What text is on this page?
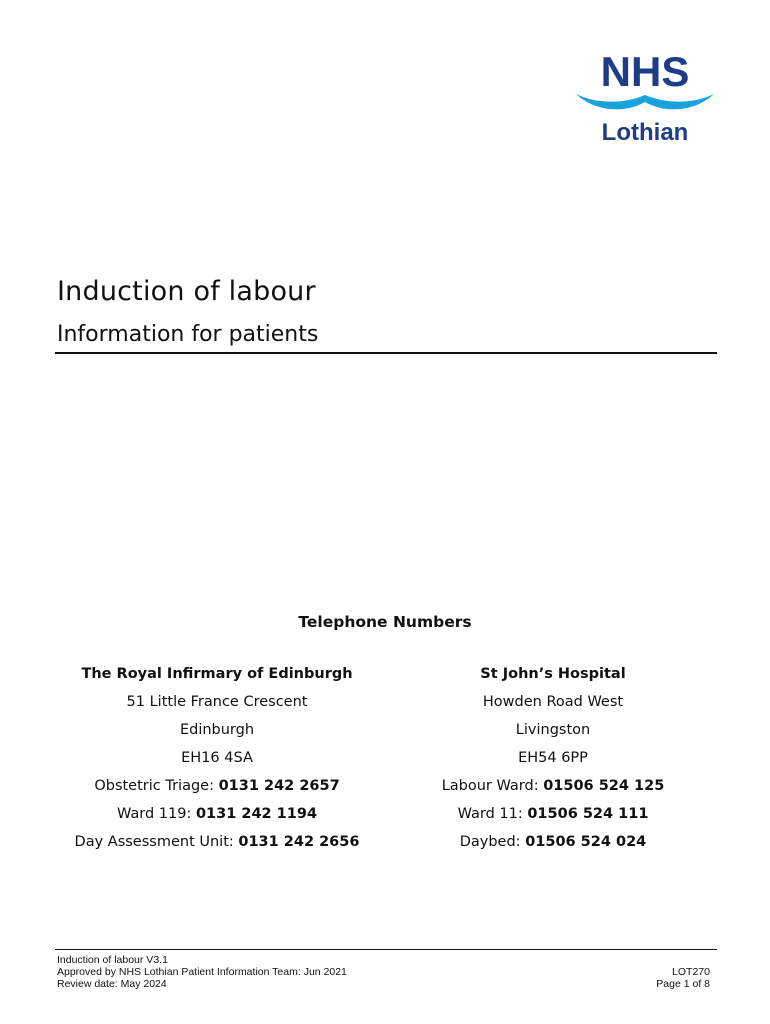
NHS
Lothian
Induction of labour
Information for patients
Telephone Numbers
The Royal Infirmary of Edinburgh
51 Little France Crescent
Edinburgh
EH16 4SA
Obstetric Triage: 0131 242 2657
Ward 119: 0131 242 1194
Day Assessment Unit: 0131 242 2656
St John’s Hospital
Howden Road West
Livingston
EH54 6PP
Labour Ward: 01506 524 125
Ward 11: 01506 524 111
Daybed: 01506 524 024
Induction of labour V3.1
Approved by NHS Lothian Patient Information Team: Jun 2021
Review date: May 2024
LOT270
Page 1 of 8
